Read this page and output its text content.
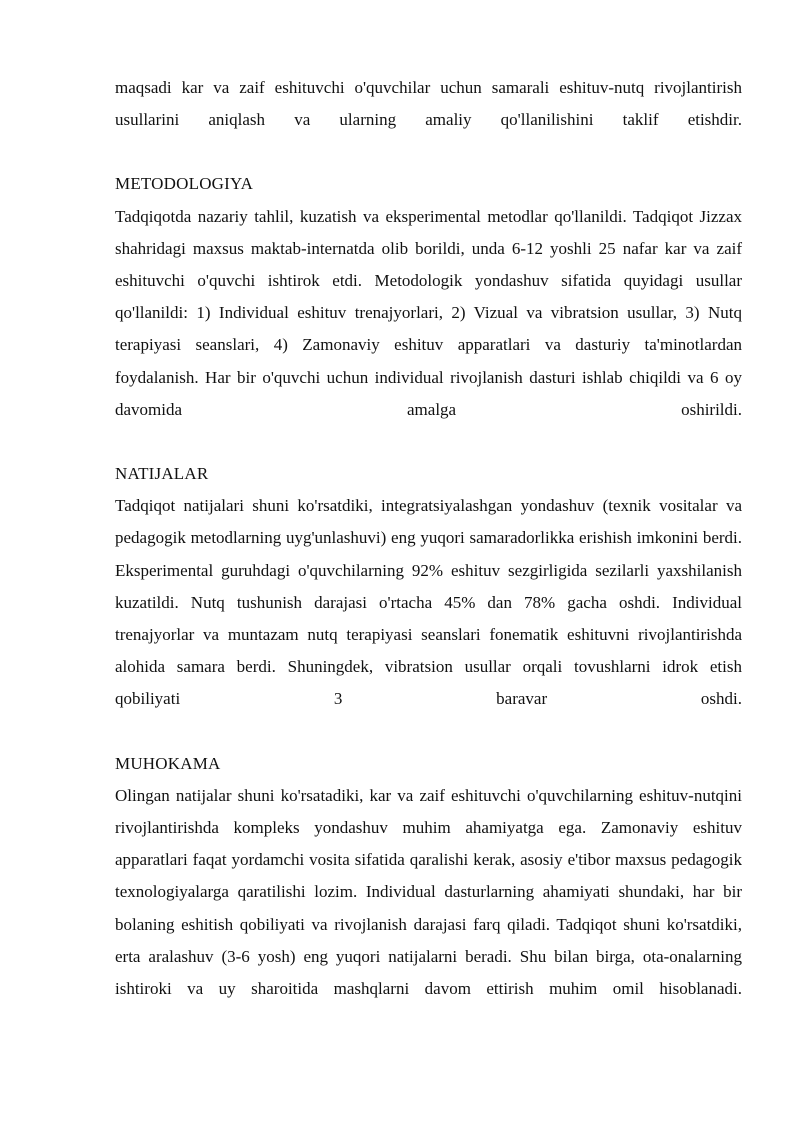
maqsadi kar va zaif eshituvchi o'quvchilar uchun samarali eshituv-nutq rivojlantirish usullarini aniqlash va ularning amaliy qo'llanilishini taklif etishdir.

METODOLOGIYA

Tadqiqotda nazariy tahlil, kuzatish va eksperimental metodlar qo'llanildi. Tadqiqot Jizzax shahridagi maxsus maktab-internatda olib borildi, unda 6-12 yoshli 25 nafar kar va zaif eshituvchi o'quvchi ishtirok etdi. Metodologik yondashuv sifatida quyidagi usullar qo'llanildi: 1) Individual eshituv trenajyorlari, 2) Vizual va vibratsion usullar, 3) Nutq terapiyasi seanslari, 4) Zamonaviy eshituv apparatlari va dasturiy ta'minotlardan foydalanish. Har bir o'quvchi uchun individual rivojlanish dasturi ishlab chiqildi va 6 oy davomida amalga oshirildi.

NATIJALAR

Tadqiqot natijalari shuni ko'rsatdiki, integratsiyalashgan yondashuv (texnik vositalar va pedagogik metodlarning uyg'unlashuvi) eng yuqori samaradorlikka erishish imkonini berdi. Eksperimental guruhdagi o'quvchilarning 92% eshituv sezgirligida sezilarli yaxshilanish kuzatildi. Nutq tushunish darajasi o'rtacha 45% dan 78% gacha oshdi. Individual trenajyorlar va muntazam nutq terapiyasi seanslari fonematik eshituvni rivojlantirishda alohida samara berdi. Shuningdek, vibratsion usullar orqali tovushlarni idrok etish qobiliyati 3 baravar oshdi.

MUHOKAMA

Olingan natijalar shuni ko'rsatadiki, kar va zaif eshituvchi o'quvchilarning eshituv-nutqini rivojlantirishda kompleks yondashuv muhim ahamiyatga ega. Zamonaviy eshituv apparatlari faqat yordamchi vosita sifatida qaralishi kerak, asosiy e'tibor maxsus pedagogik texnologiyalarga qaratilishi lozim. Individual dasturlarning ahamiyati shundaki, har bir bolaning eshitish qobiliyati va rivojlanish darajasi farq qiladi. Tadqiqot shuni ko'rsatdiki, erta aralashuv (3-6 yosh) eng yuqori natijalarni beradi. Shu bilan birga, ota-onalarning ishtiroki va uy sharoitida mashqlarni davom ettirish muhim omil hisoblanadi.
